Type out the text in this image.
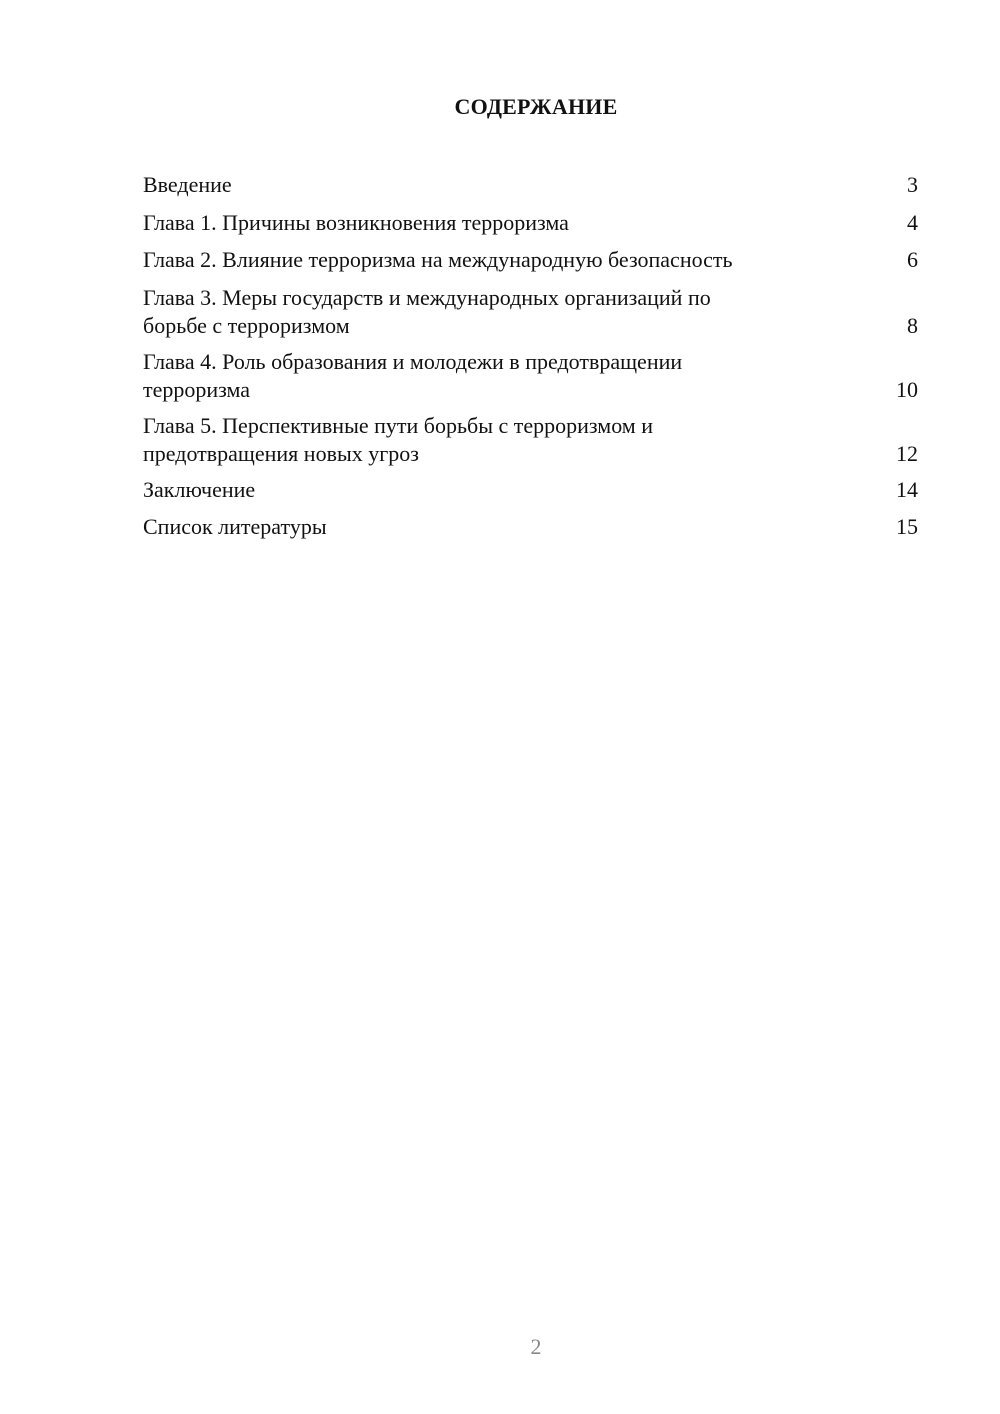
СОДЕРЖАНИЕ
Введение	3
Глава 1. Причины возникновения терроризма	4
Глава 2. Влияние терроризма на международную безопасность	6
Глава 3. Меры государств и международных организаций по
борьбе с терроризмом	8
Глава 4. Роль образования и молодежи в предотвращении
терроризма	10
Глава 5. Перспективные пути борьбы с терроризмом и
предотвращения новых угроз	12
Заключение	14
Список литературы	15
2
